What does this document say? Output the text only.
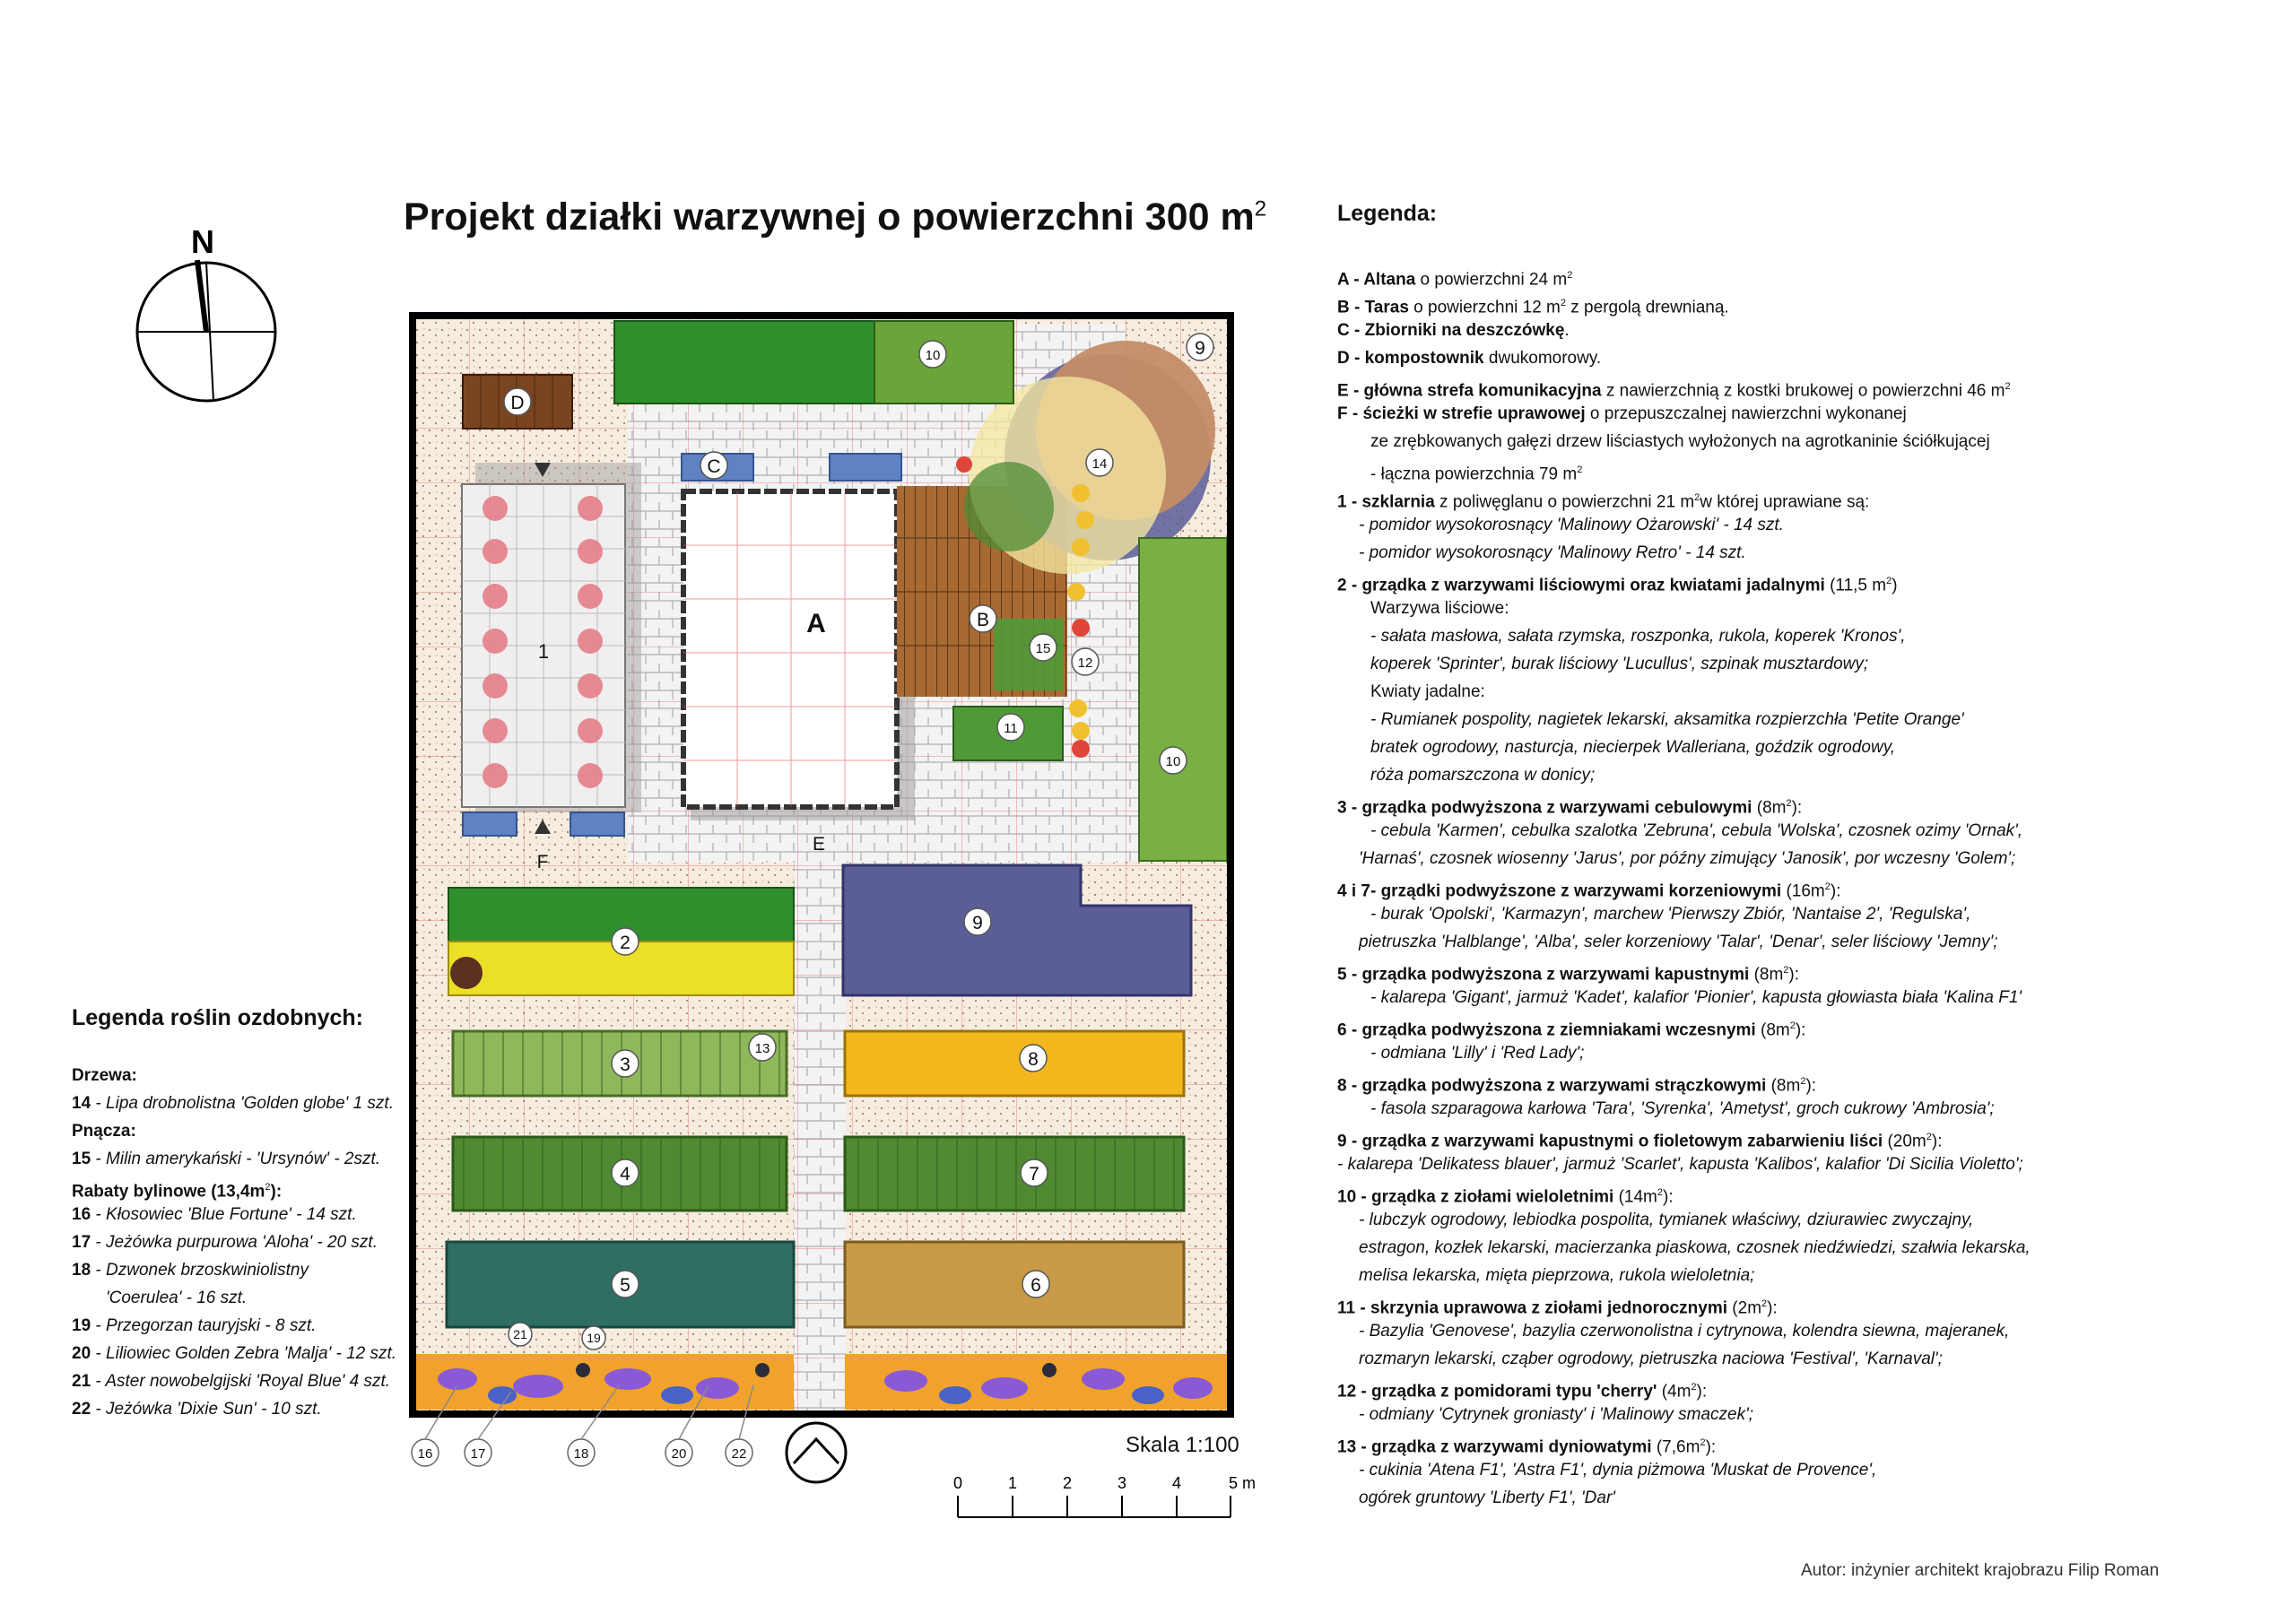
Projekt działki warzywnej o powierzchni 300 $m^2$
N
A	B
C
D
E
F
1
2
3
4
5	6
7
8
9
9
10
10
11
12
13
14
15
16	17	18
19
20
21
22
0	1	2	3	4	5 m
Skala 1:100
Legenda:
A - Altana o powierzchni 24 $m^2$
B - Taras o powierzchni 12 $m^2$ z pergolą drewnianą.
C - Zbiorniki na deszczówkę.
D - kompostownik dwukomorowy.
E - główna strefa komunikacyjna z nawierzchnią z kostki brukowej o powierzchni 46 $m^2$
F - ścieżki w strefie uprawowej o przepuszczalnej nawierzchni wykonanej
ze zrębkowanych gałęzi drzew liściastych wyłożonych na agrotkaninie ściółkującej
- łączna powierzchnia 79 $m^2$
1 - szklarnia z poliwęglanu o powierzchni 21 $m^2w$ której uprawiane są:
- pomidor wysokorosnący 'Malinowy Ożarowski' - 14 szt.
- pomidor wysokorosnący 'Malinowy Retro' - 14 szt.
2 - grządka z warzywami liściowymi oraz kwiatami jadalnymi (11,5 $m^2$)
Warzywa liściowe:
- sałata masłowa, sałata rzymska, roszponka, rukola, koperek 'Kronos',
koperek 'Sprinter', burak liściowy 'Lucullus', szpinak musztardowy;
Kwiaty jadalne:
- Rumianek pospolity, nagietek lekarski, aksamitka rozpierzchła 'Petite Orange'
bratek ogrodowy, nasturcja, niecierpek Walleriana, goździk ogrodowy,
róża pomarszczona w donicy;
3 - grządka podwyższona z warzywami cebulowymi $(8m^2)$:
- cebula 'Karmen', cebulka szalotka 'Zebruna', cebula 'Wolska', czosnek ozimy 'Ornak',
'Harnaś', czosnek wiosenny 'Jarus', por późny zimujący 'Janosik', por wczesny 'Golem';
4 i 7- grządki podwyższone z warzywami korzeniowymi $(16m^2)$:
- burak 'Opolski', 'Karmazyn', marchew 'Pierwszy Zbiór, 'Nantaise 2', 'Regulska',
pietruszka 'Halblange', 'Alba', seler korzeniowy 'Talar', 'Denar', seler liściowy 'Jemny';
5 - grządka podwyższona z warzywami kapustnymi $(8m^2)$:
- kalarepa 'Gigant', jarmuż 'Kadet', kalafior 'Pionier', kapusta głowiasta biała 'Kalina F1'
6 - grządka podwyższona z ziemniakami wczesnymi $(8m^2)$:
- odmiana 'Lilly' i 'Red Lady';
8 - grządka podwyższona z warzywami strączkowymi $(8m^2)$:
- fasola szparagowa karłowa 'Tara', 'Syrenka', 'Ametyst', groch cukrowy 'Ambrosia';
9 - grządka z warzywami kapustnymi o fioletowym zabarwieniu liści $(20m^2)$:
- kalarepa 'Delikatess blauer', jarmuż 'Scarlet', kapusta 'Kalibos', kalafior 'Di Sicilia Violetto';
10 - grządka z ziołami wieloletnimi $(14m^2)$:
- lubczyk ogrodowy, lebiodka pospolita, tymianek właściwy, dziurawiec zwyczajny,
estragon, kozłek lekarski, macierzanka piaskowa, czosnek niedźwiedzi, szałwia lekarska,
melisa lekarska, mięta pieprzowa, rukola wieloletnia;
11 - skrzynia uprawowa z ziołami jednorocznymi $(2m^2)$:
- Bazylia 'Genovese', bazylia czerwonolistna i cytrynowa, kolendra siewna, majeranek,
rozmaryn lekarski, cząber ogrodowy, pietruszka naciowa 'Festival', 'Karnaval';
12 - grządka z pomidorami typu 'cherry' $(4m^2)$:
- odmiany 'Cytrynek groniasty' i 'Malinowy smaczek';
13 - grządka z warzywami dyniowatymi $(7,6m^2)$:
- cukinia 'Atena F1', 'Astra F1', dynia piżmowa 'Muskat de Provence',
ogórek gruntowy 'Liberty F1', 'Dar'
Legenda roślin ozdobnych:
Drzewa:
14 - Lipa drobnolistna 'Golden globe' 1 szt.
Pnącza:
15 - Milin amerykański - 'Ursynów' - 2szt.
Rabaty bylinowe $(13,4m^2)$:
16 - Kłosowiec 'Blue Fortune' - 14 szt.
17 - Jeżówka purpurowa 'Aloha' - 20 szt.
18 - Dzwonek brzoskwiniolistny
'Coerulea' - 16 szt.
19 - Przegorzan tauryjski - 8 szt.
20 - Liliowiec Golden Zebra 'Malja' - 12 szt.
21 - Aster nowobelgijski 'Royal Blue' 4 szt.
22 - Jeżówka 'Dixie Sun' - 10 szt.
Autor: inżynier architekt krajobrazu Filip Roman
